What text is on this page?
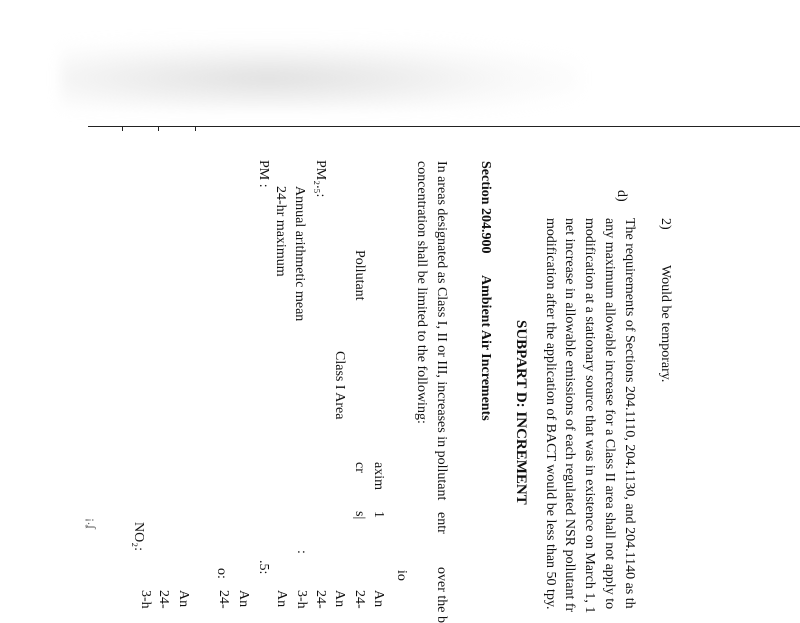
2)
Would be temporary.
d)
The requirements of Sections 204.1110, 204.1130, and 204.1140 as th
any maximum allowable increase for a Class II area shall not apply to
modification at a stationary source that was in existence on March 1, 1
net increase in allowable emissions of each regulated NSR pollutant fr
modification after the application of BACT would be less than 50 tpy.
SUBPART D: INCREMENT
Section 204.900
Ambient Air Increments
In areas designated as Class I, II or III, increases in pollutant
entr
over the b
concentration shall be limited to the following:
axim
1
Pollutant
cr
s|
Class I Area
PM₂.₅:
Annual arithmetic mean
24-hr maximum
PM :
io
An
24-
An
24-
3-h
An
:
.5:
o:
An
24-
An
24-
3-h
NO₂:
¡.ʆ
